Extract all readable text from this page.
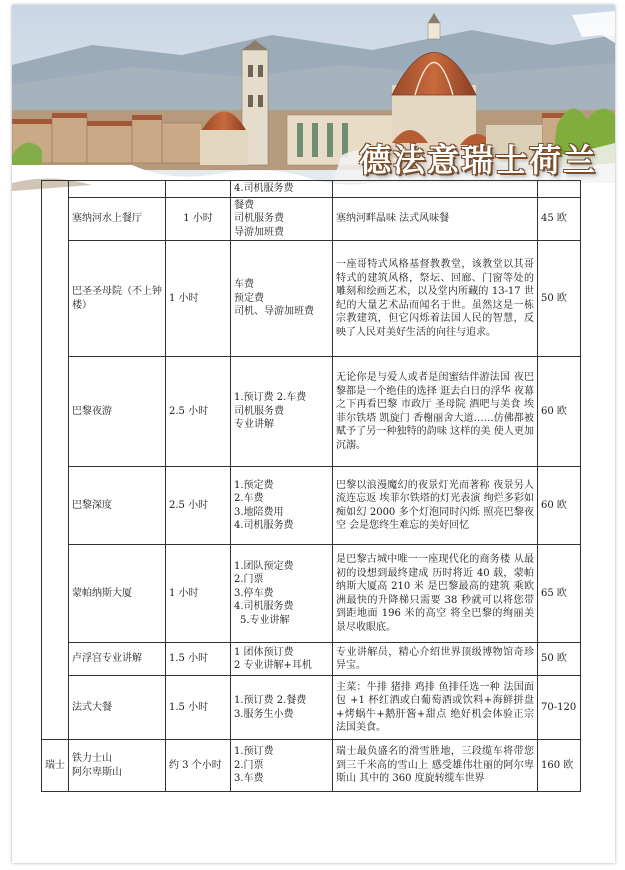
德法意瑞士荷兰

			4.司机服务费		

	塞纳河水上餐厅	1 小时	餐费
司机服务费
导游加班费	塞纳河畔晶味 法式风味餐	45 欧
	巴圣圣母院（不上钟楼）	1 小时	车费
预定费
司机、导游加班费	一座哥特式风格基督教教堂，该教堂以其哥特式的建筑风格，祭坛、回廊、门窗等处的雕刻和绘画艺术，以及堂内所藏的 13-17 世纪的大量艺术品而闻名于世。虽然这是一栋宗教建筑，但它闪烁着法国人民的智慧，反映了人民对美好生活的向往与追求。	50 欧
	巴黎夜游	2.5 小时	1.预订费 2.车费
司机服务费
专业讲解	无论你是与爱人或者是闺蜜结伴游法国 夜巴黎都是一个绝佳的选择 逛去白日的浮华 夜幕之下再看巴黎 市政厅 圣母院 酒吧与美食 埃菲尔铁塔 凯旋门 香榭丽舍大道……仿佛都被赋予了另一种独特的韵味 这样的美 使人更加沉溺。	60 欧
	巴黎深度	2.5 小时	1.预定费
2.车费
3.地陪费用
4.司机服务费	巴黎以浪漫魔幻的夜景灯光而著称 夜景另人流连忘返 埃菲尔铁塔的灯光表演 绚烂多彩如痴如幻 2000 多个灯泡同时闪烁 照亮巴黎夜空 会是您终生难忘的美好回忆	60 欧
	蒙帕纳斯大厦	1 小时	1.团队预定费
2.门票
3.停车费
4.司机服务费
5.专业讲解	是巴黎古城中唯一一座现代化的商务楼 从最初的设想到最终建成 历时将近 40 载，蒙帕纳斯大厦高 210 米 是巴黎最高的建筑 乘欧洲最快的升降梯只需要 38 秒就可以将您带到距地面 196 米的高空 将全巴黎的绚丽美景尽收眼底。	65 欧
	卢浮宫专业讲解	1.5 小时	1 团体预订费
2 专业讲解+耳机	专业讲解员，精心介绍世界顶级博物馆奇珍异宝。	50 欧
	法式大餐	1.5 小时	1.预订费 2.餐费
3.服务生小费	主菜：牛排 猪排 鸡排 鱼排任选一种 法国面包 +1 杯红酒或白葡萄酒或饮料+海鲜拼盘+烤蜗牛+鹅肝酱+甜点 绝好机会体验正宗法国美食。	70-120
瑞士	铁力士山
阿尔卑斯山	约 3 个小时	1.预订费
2.门票
3.车费	瑞士最负盛名的滑雪胜地，三段缆车将带您到三千米高的雪山上 感受雄伟壮丽的阿尔卑斯山 其中的 360 度旋转缆车世界	160 欧
